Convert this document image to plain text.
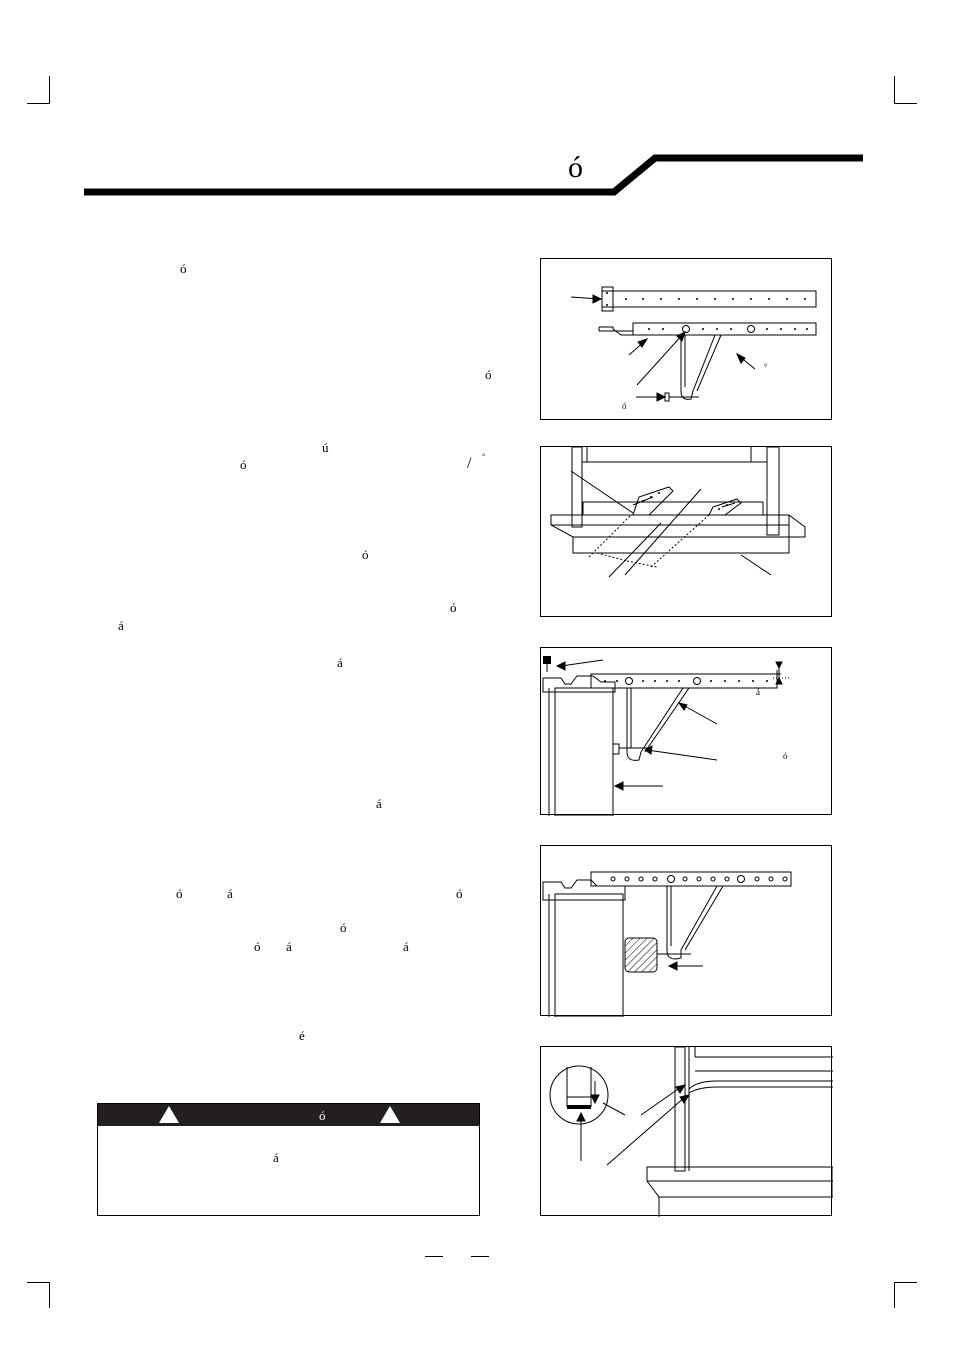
ó
ó
ó
ú
ó	/ °
ó
ó
á
á
á
ó	á	ó
ó
ó á	á
é
°
ó
á
ó
ó
á
